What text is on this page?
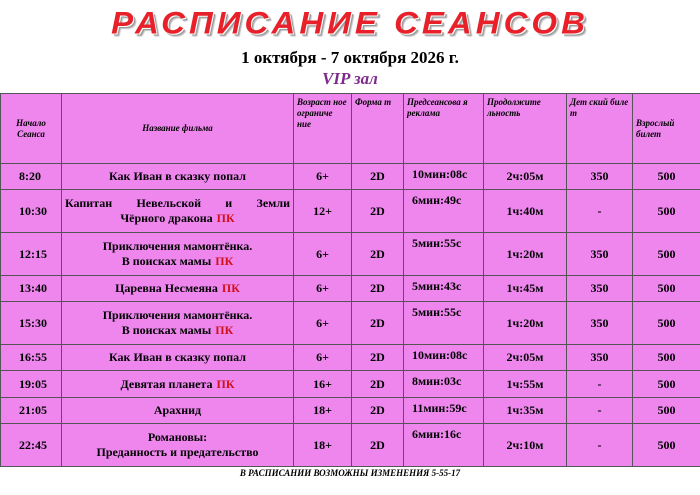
РАСПИСАНИЕ СЕАНСОВ
1 октября - 7 октября 2026 г.
VIP зал
Начало Сеанса	Название фильма	Возраст ное ограниче ние	Форма т	Предсеансова я реклама	Продолжите льность	Дет ский биле т	Взрослый билет
8:20	Как Иван в сказку попал	6+	2D	10мин:08с	2ч:05м	350	500
10:30	Капитан Невельской и Земли
Чёрного дракона ПК	12+	2D	6мин:49с	1ч:40м	-	500
12:15	Приключения мамонтёнка.
В поисках мамы ПК	6+	2D	5мин:55с	1ч:20м	350	500
13:40	Царевна Несмеяна ПК	6+	2D	5мин:43с	1ч:45м	350	500
15:30	Приключения мамонтёнка.
В поисках мамы ПК	6+	2D	5мин:55с	1ч:20м	350	500
16:55	Как Иван в сказку попал	6+	2D	10мин:08с	2ч:05м	350	500
19:05	Девятая планета ПК	16+	2D	8мин:03с	1ч:55м	-	500
21:05	Арахнид	18+	2D	11мин:59с	1ч:35м	-	500
22:45	Романовы:
Преданность и предательство	18+	2D	6мин:16с	2ч:10м	-	500
В РАСПИСАНИИ ВОЗМОЖНЫ ИЗМЕНЕНИЯ 5-55-17
